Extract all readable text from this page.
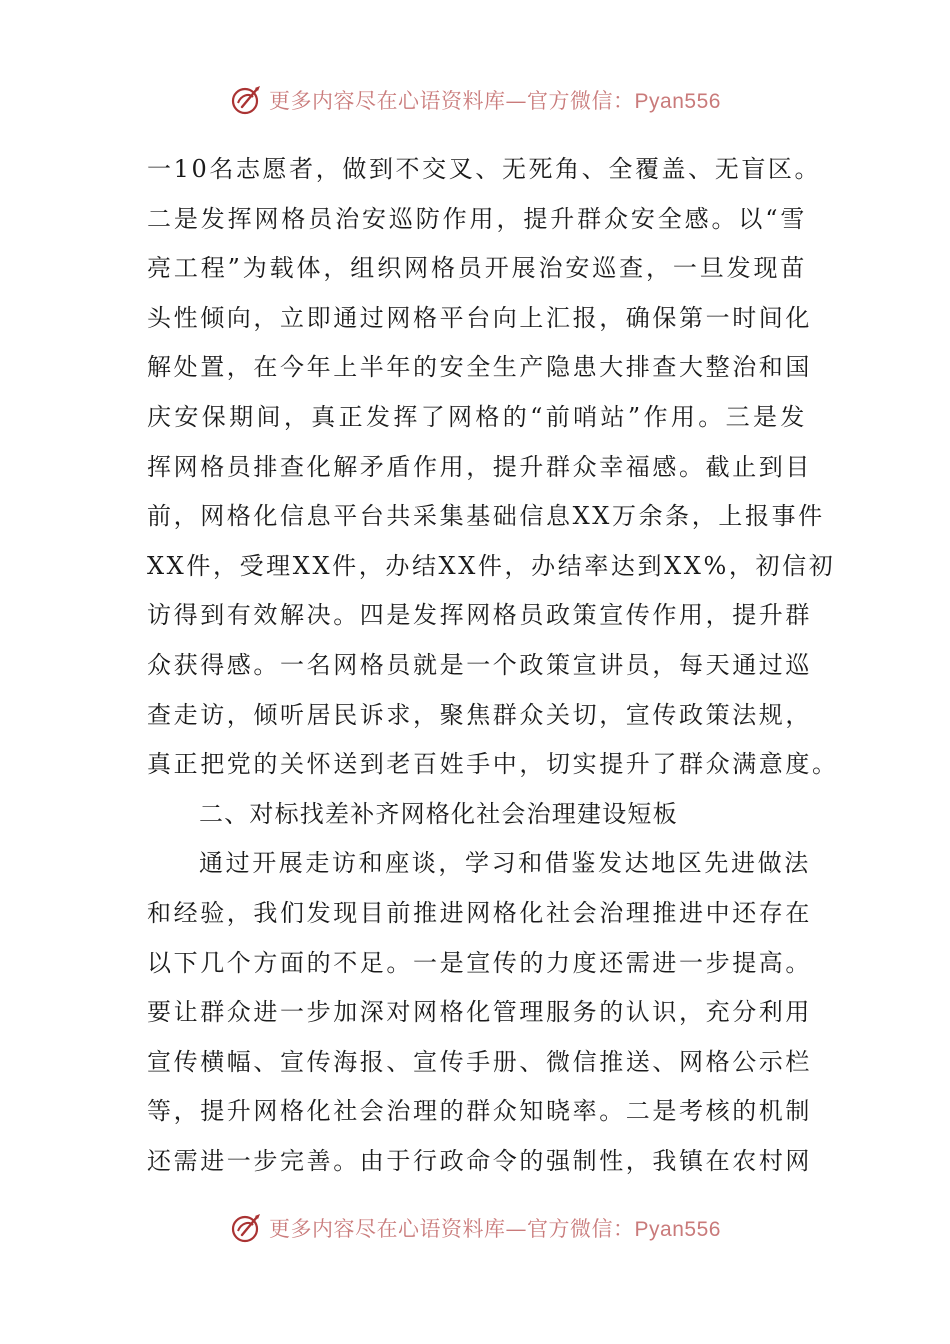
更多内容尽在心语资料库—官方微信：Pyan556
一10名志愿者，做到不交叉、无死角、全覆盖、无盲区。
二是发挥网格员治安巡防作用，提升群众安全感。以“雪
亮工程”为载体，组织网格员开展治安巡查，一旦发现苗
头性倾向，立即通过网格平台向上汇报，确保第一时间化
解处置，在今年上半年的安全生产隐患大排查大整治和国
庆安保期间，真正发挥了网格的“前哨站”作用。三是发
挥网格员排查化解矛盾作用，提升群众幸福感。截止到目
前，网格化信息平台共采集基础信息XX万余条，上报事件
XX件，受理XX件，办结XX件，办结率达到XX%，初信初
访得到有效解决。四是发挥网格员政策宣传作用，提升群
众获得感。一名网格员就是一个政策宣讲员，每天通过巡
查走访，倾听居民诉求，聚焦群众关切，宣传政策法规，
真正把党的关怀送到老百姓手中，切实提升了群众满意度。
二、对标找差补齐网格化社会治理建设短板
通过开展走访和座谈，学习和借鉴发达地区先进做法
和经验，我们发现目前推进网格化社会治理推进中还存在
以下几个方面的不足。一是宣传的力度还需进一步提高。
要让群众进一步加深对网格化管理服务的认识，充分利用
宣传横幅、宣传海报、宣传手册、微信推送、网格公示栏
等，提升网格化社会治理的群众知晓率。二是考核的机制
还需进一步完善。由于行政命令的强制性，我镇在农村网
更多内容尽在心语资料库—官方微信：Pyan556
